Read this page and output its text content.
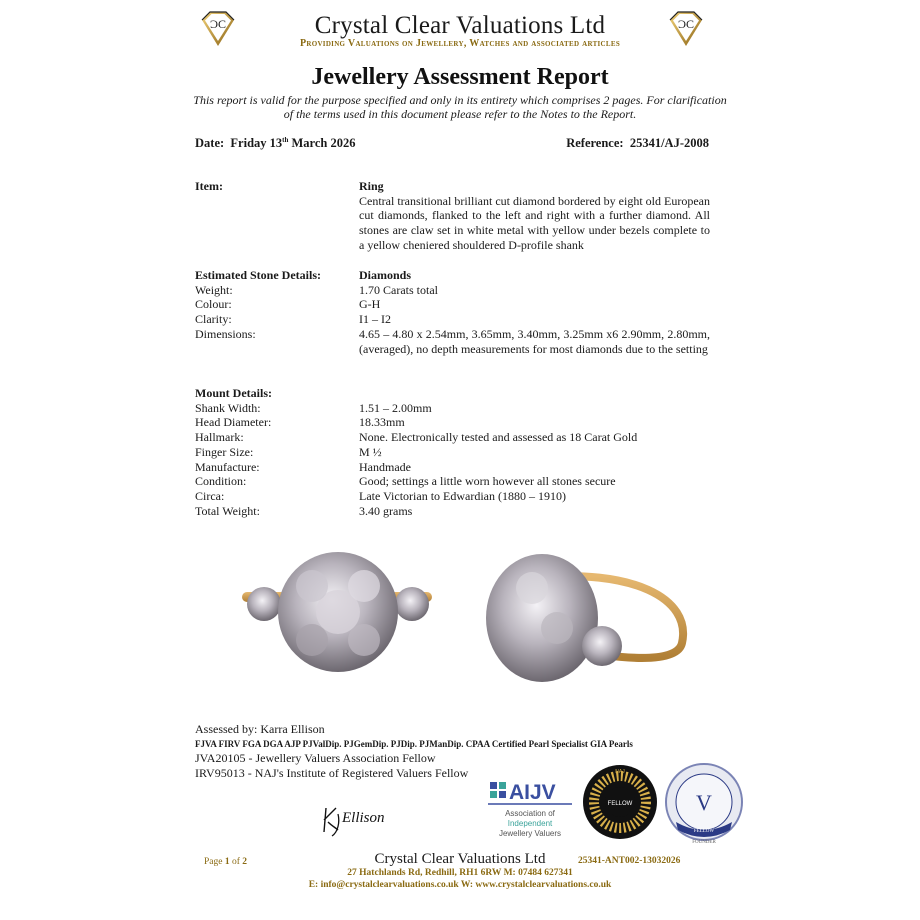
ƆC	ƆC
Crystal Clear Valuations Ltd
Providing Valuations on Jewellery, Watches and associated articles
Jewellery Assessment Report
This report is valid for the purpose specified and only in its entirety which comprises 2 pages. For clarification of the terms used in this document please refer to the Notes to the Report.
Date: Friday 13th March 2026	Reference: 25341/AJ-2008
Item:	Ring
Central transitional brilliant cut diamond bordered by eight old European cut diamonds, flanked to the left and right with a further diamond. All stones are claw set in white metal with yellow under bezels complete to a yellow cheniered shouldered D-profile shank
Estimated Stone Details:	Diamonds
Weight:	1.70 Carats total
Colour:	G-H
Clarity:	I1 – I2
Dimensions:	4.65 – 4.80 x 2.54mm, 3.65mm, 3.40mm, 3.25mm x6 2.90mm, 2.80mm, (averaged), no depth measurements for most diamonds due to the setting
Mount Details:
Shank Width:	1.51 – 2.00mm
Head Diameter:	18.33mm
Hallmark:	None. Electronically tested and assessed as 18 Carat Gold
Finger Size:	M ½
Manufacture:	Handmade
Condition:	Good; settings a little worn however all stones secure
Circa:	Late Victorian to Edwardian (1880 – 1910)
Total Weight:	3.40 grams
Assessed by: Karra Ellison
FJVA FIRV FGA DGA AJP PJValDip. PJGemDip. PJDip. PJManDip. CPAA Certified Pearl Specialist GIA Pearls
JVA20105 - Jewellery Valuers Association Fellow
IRV95013 - NAJ's Institute of Registered Valuers Fellow
Ellison
AIJV
Association of
Independent
Jewellery Valuers
FELLOW
NAJ
V
FELLOW
FOUNDER
Page 1 of 2	Crystal Clear Valuations Ltd	25341-ANT002-13032026
27 Hatchlands Rd, Redhill, RH1 6RW M: 07484 627341
E: info@crystalclearvaluations.co.uk W: www.crystalclearvaluations.co.uk
